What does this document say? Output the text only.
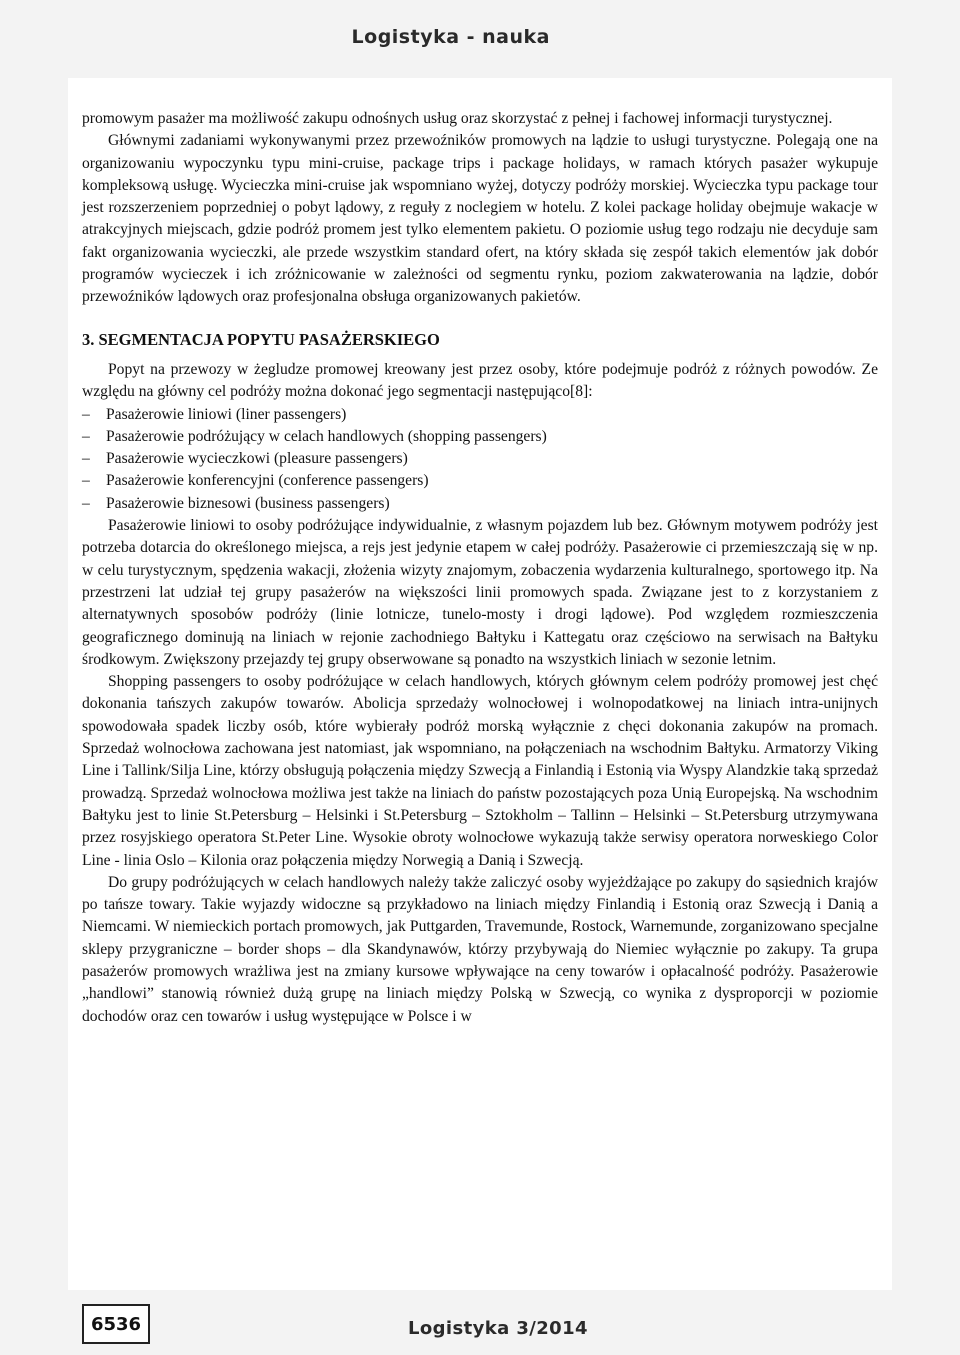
Logistyka - nauka

promowym pasażer ma możliwość zakupu odnośnych usług oraz skorzystać z pełnej i fachowej informacji turystycznej.

Głównymi zadaniami wykonywanymi przez przewoźników promowych na lądzie to usługi turystyczne. Polegają one na organizowaniu wypoczynku typu mini-cruise, package trips i package holidays, w ramach których pasażer wykupuje kompleksową usługę. Wycieczka mini-cruise jak wspomniano wyżej, dotyczy podróży morskiej. Wycieczka typu package tour jest rozszerzeniem poprzedniej o pobyt lądowy, z reguły z noclegiem w hotelu. Z kolei package holiday obejmuje wakacje w atrakcyjnych miejscach, gdzie podróż promem jest tylko elementem pakietu. O poziomie usług tego rodzaju nie decyduje sam fakt organizowania wycieczki, ale przede wszystkim standard ofert, na który składa się zespół takich elementów jak dobór programów wycieczek i ich zróżnicowanie w zależności od segmentu rynku, poziom zakwaterowania na lądzie, dobór przewoźników lądowych oraz profesjonalna obsługa organizowanych pakietów.

3. SEGMENTACJA POPYTU PASAŻERSKIEGO

Popyt na przewozy w żegludze promowej kreowany jest przez osoby, które podejmuje podróż z różnych powodów. Ze względu na główny cel podróży można dokonać jego segmentacji następująco[8]:

– Pasażerowie liniowi (liner passengers)
– Pasażerowie podróżujący w celach handlowych (shopping passengers)
– Pasażerowie wycieczkowi (pleasure passengers)
– Pasażerowie konferencyjni (conference passengers)
– Pasażerowie biznesowi (business passengers)

Pasażerowie liniowi to osoby podróżujące indywidualnie, z własnym pojazdem lub bez. Głównym motywem podróży jest potrzeba dotarcia do określonego miejsca, a rejs jest jedynie etapem w całej podróży. Pasażerowie ci przemieszczają się w np. w celu turystycznym, spędzenia wakacji, złożenia wizyty znajomym, zobaczenia wydarzenia kulturalnego, sportowego itp. Na przestrzeni lat udział tej grupy pasażerów na większości linii promowych spada. Związane jest to z korzystaniem z alternatywnych sposobów podróży (linie lotnicze, tunelo-mosty i drogi lądowe). Pod względem rozmieszczenia geograficznego dominują na liniach w rejonie zachodniego Bałtyku i Kattegatu oraz częściowo na serwisach na Bałtyku środkowym. Zwiększony przejazdy tej grupy obserwowane są ponadto na wszystkich liniach w sezonie letnim.

Shopping passengers to osoby podróżujące w celach handlowych, których głównym celem podróży promowej jest chęć dokonania tańszych zakupów towarów. Abolicja sprzedaży wolnocłowej i wolnopodatkowej na liniach intra-unijnych spowodowała spadek liczby osób, które wybierały podróż morską wyłącznie z chęci dokonania zakupów na promach. Sprzedaż wolnocłowa zachowana jest natomiast, jak wspomniano, na połączeniach na wschodnim Bałtyku. Armatorzy Viking Line i Tallink/Silja Line, którzy obsługują połączenia między Szwecją a Finlandią i Estonią via Wyspy Alandzkie taką sprzedaż prowadzą. Sprzedaż wolnocłowa możliwa jest także na liniach do państw pozostających poza Unią Europejską. Na wschodnim Bałtyku jest to linie St.Petersburg – Helsinki i St.Petersburg – Sztokholm – Tallinn – Helsinki – St.Petersburg utrzymywana przez rosyjskiego operatora St.Peter Line. Wysokie obroty wolnocłowe wykazują także serwisy operatora norweskiego Color Line - linia Oslo – Kilonia oraz połączenia między Norwegią a Danią i Szwecją.

Do grupy podróżujących w celach handlowych należy także zaliczyć osoby wyjeżdżające po zakupy do sąsiednich krajów po tańsze towary. Takie wyjazdy widoczne są przykładowo na liniach między Finlandią i Estonią oraz Szwecją i Danią a Niemcami. W niemieckich portach promowych, jak Puttgarden, Travemunde, Rostock, Warnemunde, zorganizowano specjalne sklepy przygraniczne – border shops – dla Skandynawów, którzy przybywają do Niemiec wyłącznie po zakupy. Ta grupa pasażerów promowych wrażliwa jest na zmiany kursowe wpływające na ceny towarów i opłacalność podróży. Pasażerowie „handlowi” stanowią również dużą grupę na liniach między Polską w Szwecją, co wynika z dysproporcji w poziomie dochodów oraz cen towarów i usług występujące w Polsce i w

6536	Logistyka 3/2014
